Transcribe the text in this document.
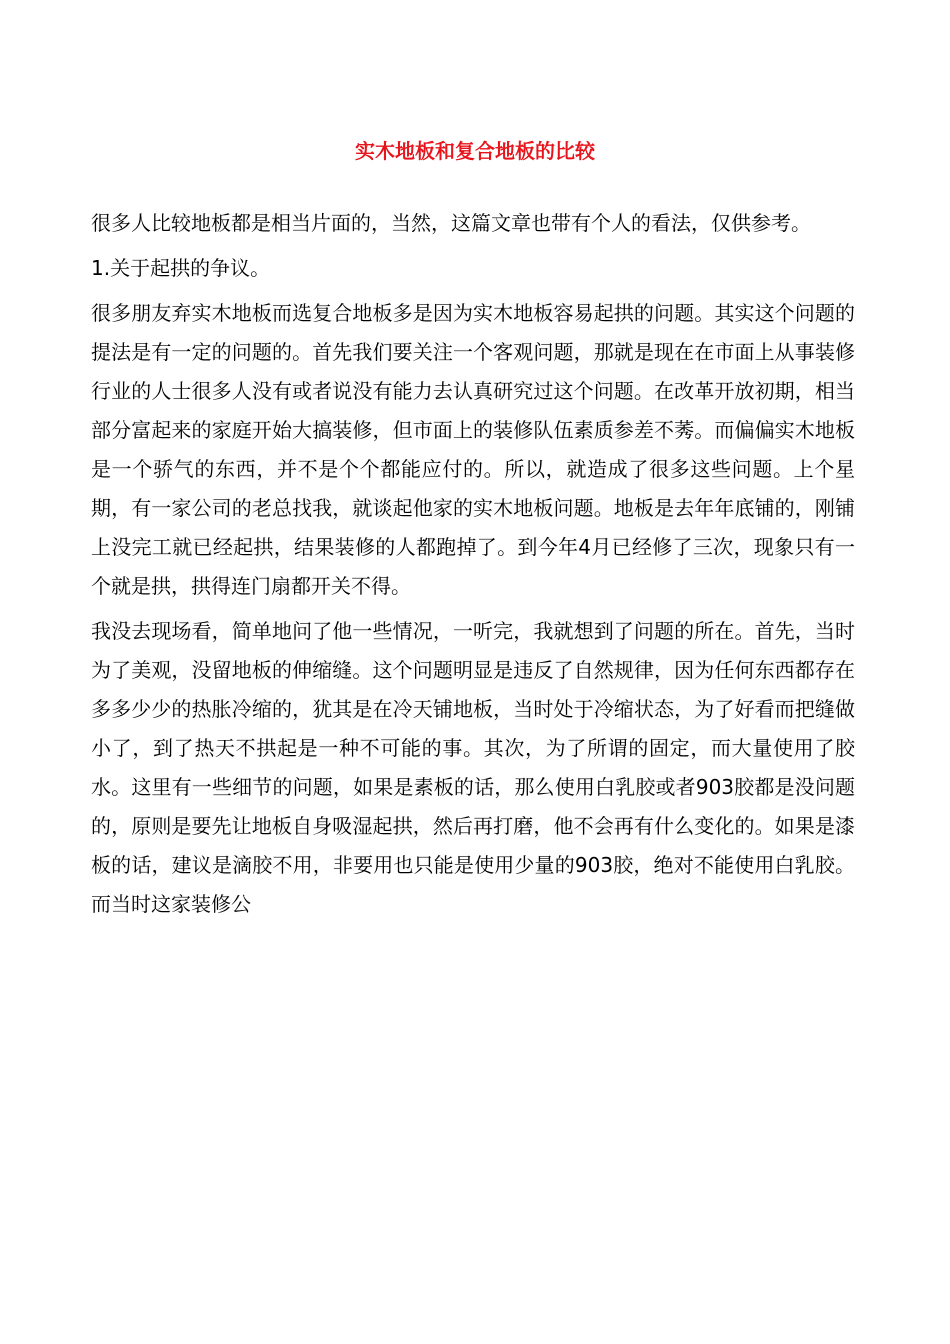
实木地板和复合地板的比较

很多人比较地板都是相当片面的，当然，这篇文章也带有个人的看法，仅供参考。

1.关于起拱的争议。

很多朋友弃实木地板而选复合地板多是因为实木地板容易起拱的问题。其实这个问题的提法是有一定的问题的。首先我们要关注一个客观问题，那就是现在在市面上从事装修行业的人士很多人没有或者说没有能力去认真研究过这个问题。在改革开放初期，相当部分富起来的家庭开始大搞装修，但市面上的装修队伍素质参差不莠。而偏偏实木地板是一个骄气的东西，并不是个个都能应付的。所以，就造成了很多这些问题。上个星期，有一家公司的老总找我，就谈起他家的实木地板问题。地板是去年年底铺的，刚铺上没完工就已经起拱，结果装修的人都跑掉了。到今年4月已经修了三次，现象只有一个就是拱，拱得连门扇都开关不得。

我没去现场看，简单地问了他一些情况，一听完，我就想到了问题的所在。首先，当时为了美观，没留地板的伸缩缝。这个问题明显是违反了自然规律，因为任何东西都存在多多少少的热胀冷缩的，犹其是在冷天铺地板，当时处于冷缩状态，为了好看而把缝做小了，到了热天不拱起是一种不可能的事。其次，为了所谓的固定，而大量使用了胶水。这里有一些细节的问题，如果是素板的话，那么使用白乳胶或者903胶都是没问题的，原则是要先让地板自身吸湿起拱，然后再打磨，他不会再有什么变化的。如果是漆板的话，建议是滴胶不用，非要用也只能是使用少量的903胶，绝对不能使用白乳胶。而当时这家装修公
